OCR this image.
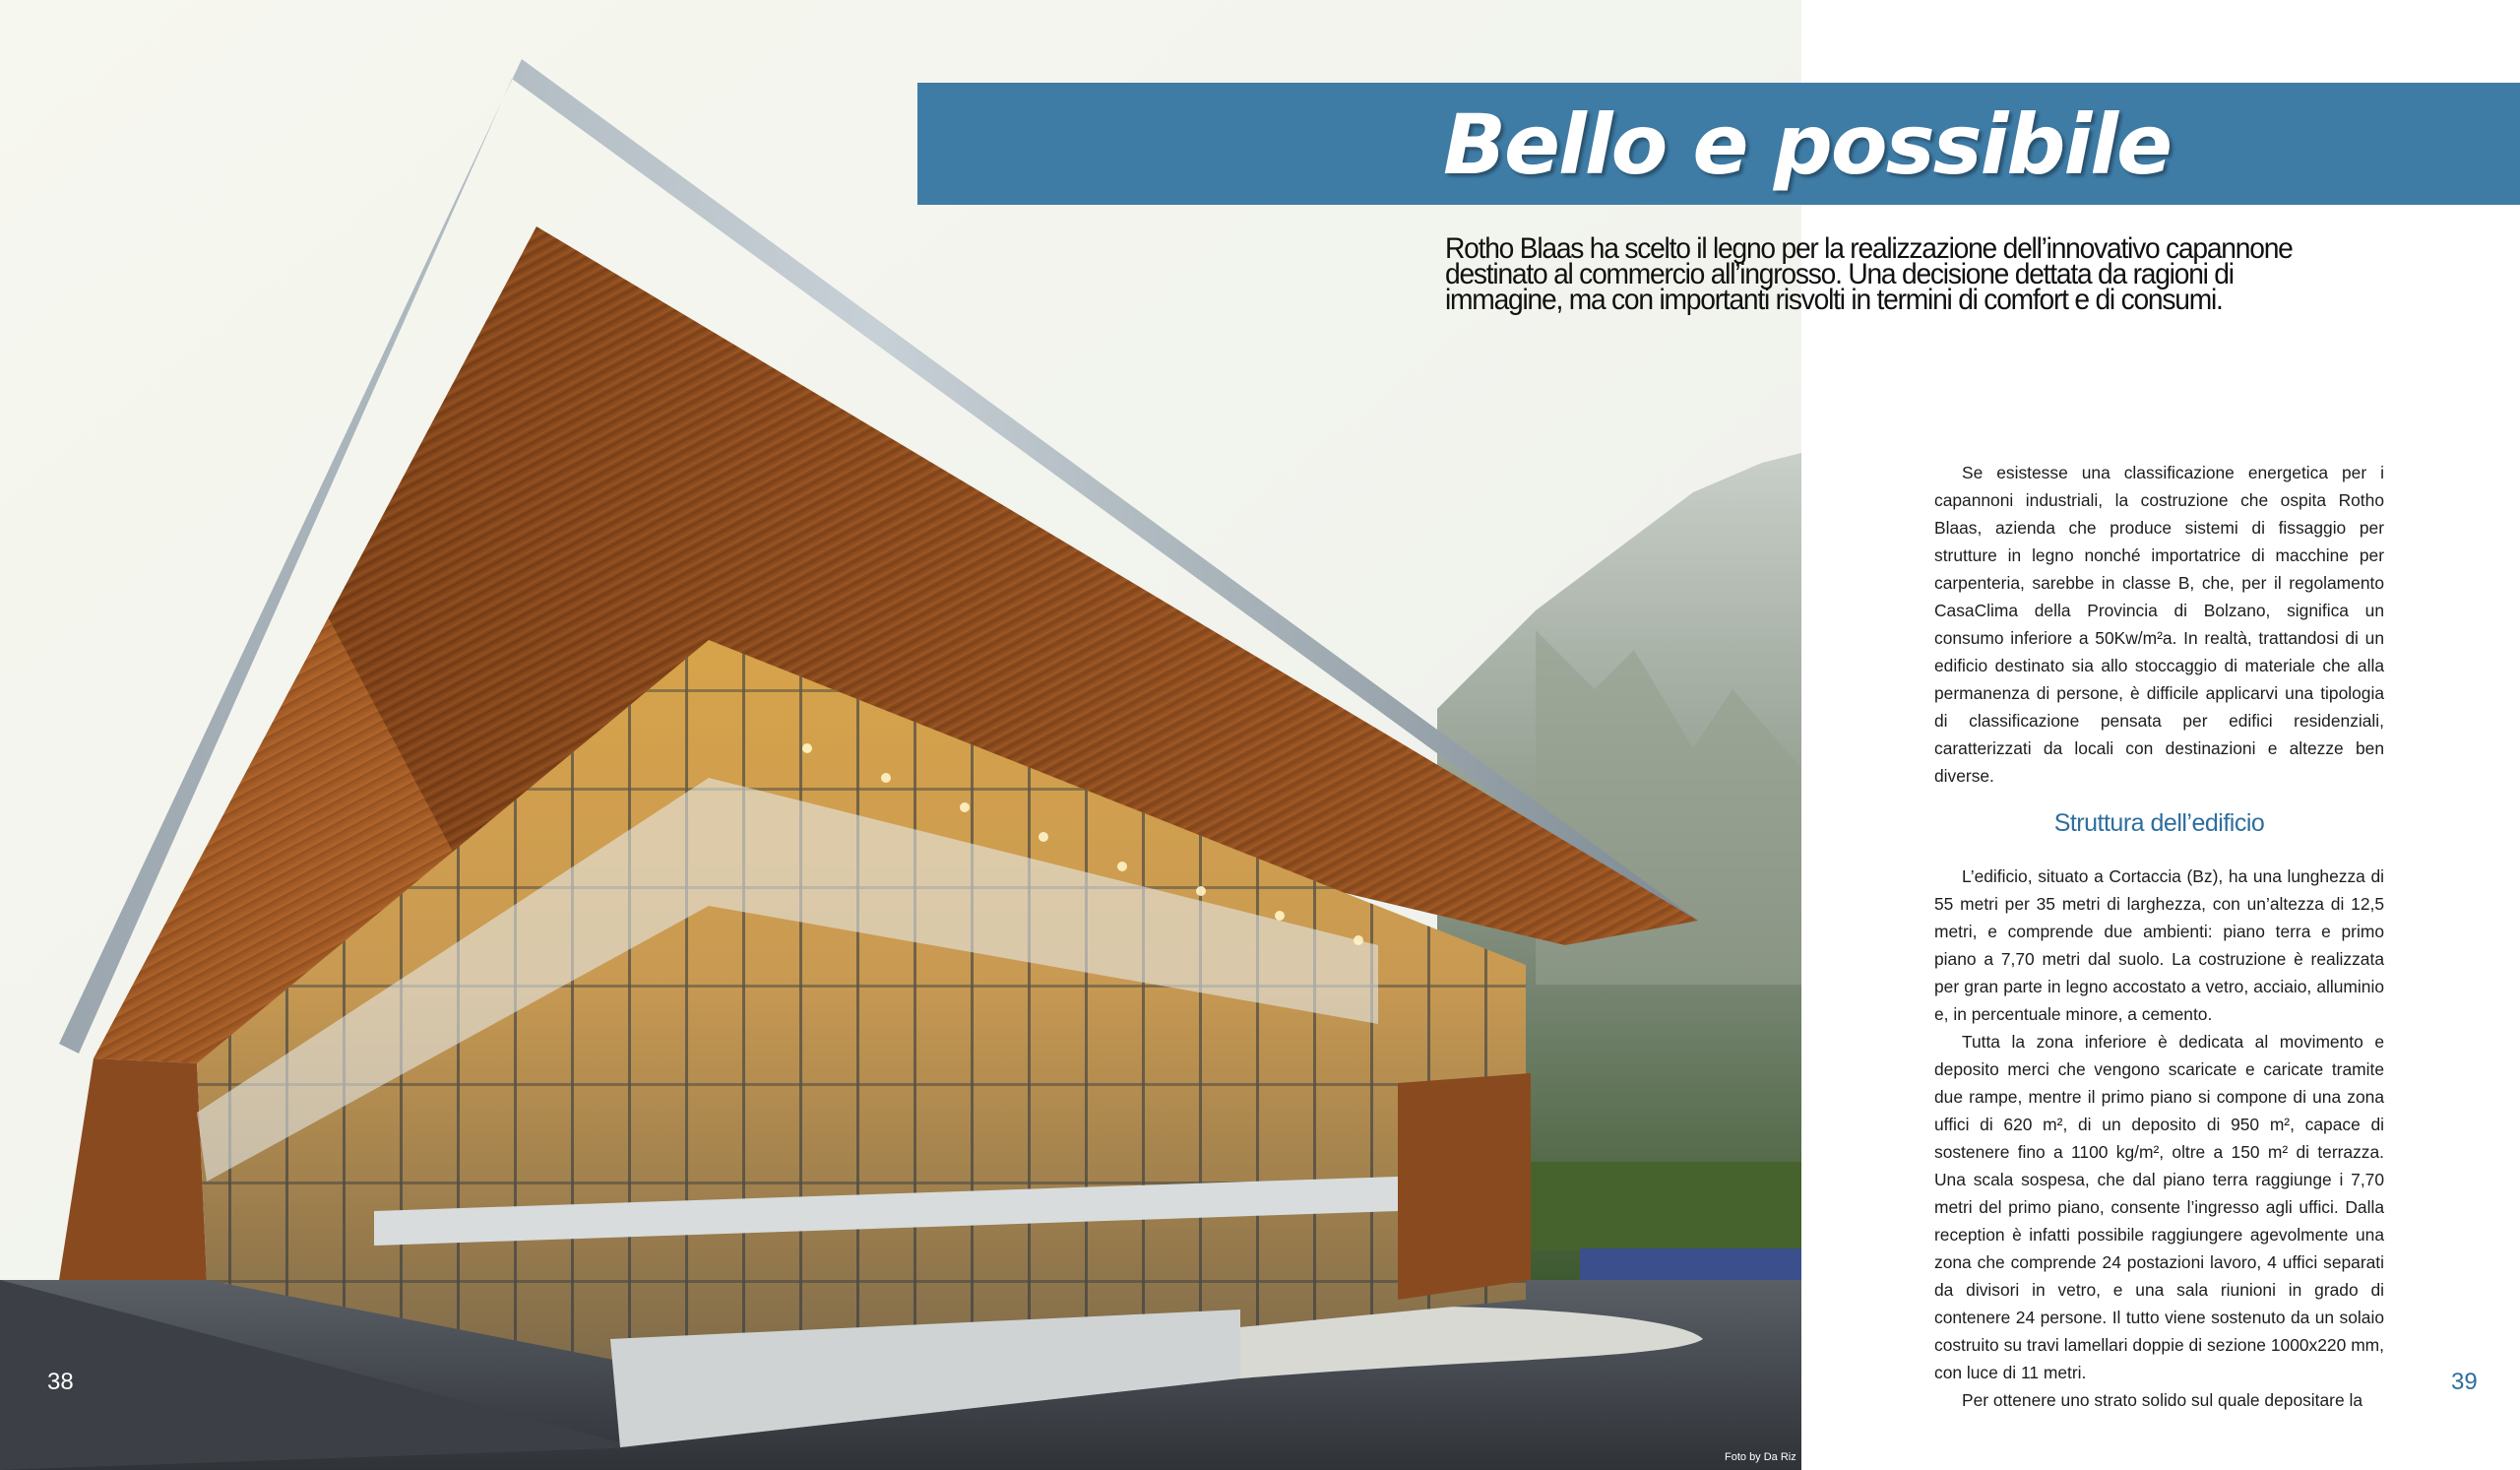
Bello e possibile
Rotho Blaas ha scelto il legno per la realizzazione dell’innovativo capannone destinato al commercio all’ingrosso. Una decisione dettata da ragioni di immagine, ma con importanti risvolti in termini di comfort e di consumi.

Se esistesse una classificazione energetica per i capannoni industriali, la costruzione che ospita Rotho Blaas, azienda che produce sistemi di fissaggio per strutture in legno nonché importatrice di macchine per carpenteria, sarebbe in classe B, che, per il regolamento CasaClima della Provincia di Bolzano, significa un consumo inferiore a 50Kw/m²a. In realtà, trattandosi di un edificio destinato sia allo stoccaggio di materiale che alla permanenza di persone, è difficile applicarvi una tipologia di classificazione pensata per edifici residenziali, caratterizzati da locali con destinazioni e altezze ben diverse.

Struttura dell’edificio

L’edificio, situato a Cortaccia (Bz), ha una lunghezza di 55 metri per 35 metri di larghezza, con un’altezza di 12,5 metri, e comprende due ambienti: piano terra e primo piano a 7,70 metri dal suolo. La costruzione è realizzata per gran parte in legno accostato a vetro, acciaio, alluminio e, in percentuale minore, a cemento.

Tutta la zona inferiore è dedicata al movimento e deposito merci che vengono scaricate e caricate tramite due rampe, mentre il primo piano si compone di una zona uffici di 620 m², di un deposito di 950 m², capace di sostenere fino a 1100 kg/m², oltre a 150 m² di terrazza. Una scala sospesa, che dal piano terra raggiunge i 7,70 metri del primo piano, consente l’ingresso agli uffici. Dalla reception è infatti possibile raggiungere agevolmente una zona che comprende 24 postazioni lavoro, 4 uffici separati da divisori in vetro, e una sala riunioni in grado di contenere 24 persone. Il tutto viene sostenuto da un solaio costruito su travi lamellari doppie di sezione 1000x220 mm, con luce di 11 metri.

Per ottenere uno strato solido sul quale depositare la

38	39
Foto by Da Riz
